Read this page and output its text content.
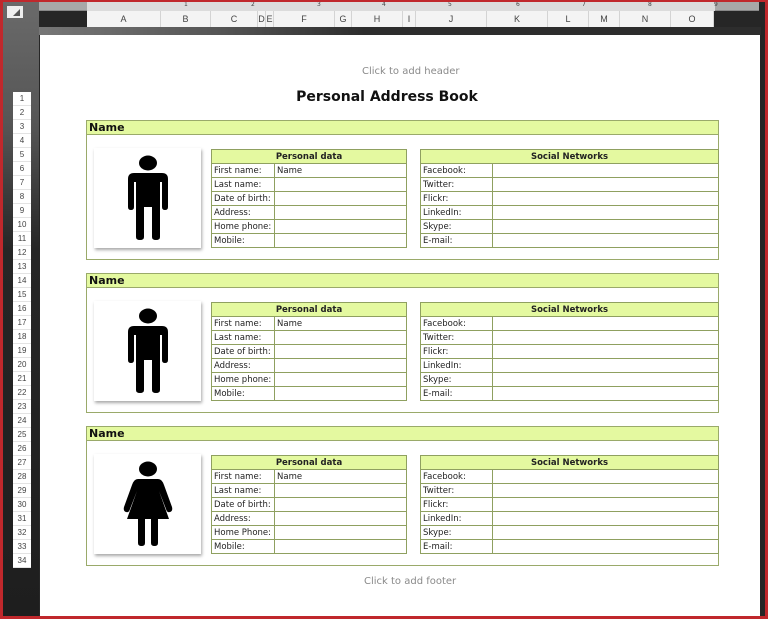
1	2	3	4	5	6	7	8	9
A	B	C	D E	F	G	H	I	J	K	L	M	N	O
1
2
3
4
5
6
7
8
9
10
11
12
13
14
15
16
17
18
19
20
21
22
23
24
25
26
27
28
29
30
31
32
33
34
Click to add header
Personal Address Book
Name
Personal data	
First name:	Name
Last name:	
Date of birth:	
Address:	
Home phone:	
Mobile:	
Social Networks	
Facebook:	
Twitter:	
Flickr:	
LinkedIn:	
Skype:	
E-mail:	
Name
Personal data	
First name:	Name
Last name:	
Date of birth:	
Address:	
Home phone:	
Mobile:	
Social Networks	
Facebook:	
Twitter:	
Flickr:	
LinkedIn:	
Skype:	
E-mail:	
Name
Personal data	
First name:	Name
Last name:	
Date of birth:	
Address:	
Home Phone:	
Mobile:	
Social Networks	
Facebook:	
Twitter:	
Flickr:	
LinkedIn:	
Skype:	
E-mail:	
Click to add footer
